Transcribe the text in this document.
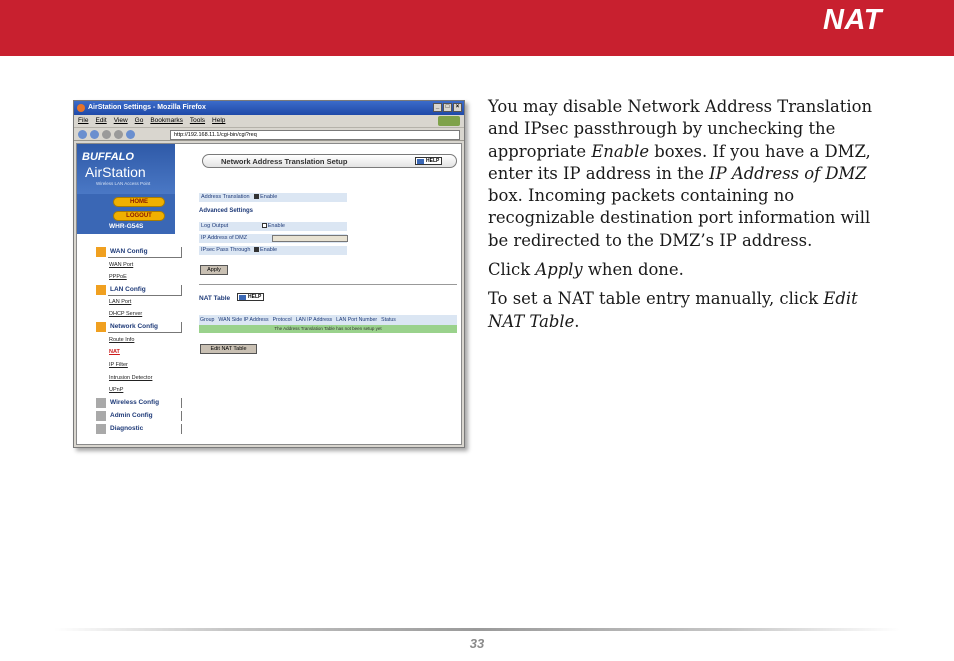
NAT
AirStation Settings - Mozilla Firefox	_	□	×
File Edit View Go Bookmarks Tools Help
http://192.168.11.1/cgi-bin/cgi?req
BUFFALO
AirStation
Wireless LAN Access Point
HOME
LOGOUT
WHR-G54S
WAN Config
WAN Port
PPPoE
LAN Config
LAN Port
DHCP Server
Network Config
Route Info
NAT
IP Filter
Intrusion Detector
UPnP
Wireless Config
Admin Config
Diagnostic
Network Address Translation Setup	HELP
Address Translation Enable
Advanced Settings
Log Output	Enable
IP Address of DMZ
IPsec Pass Through Enable
Apply
NAT Table	HELP
Group WAN Side IP Address Protocol LAN IP Address LAN Port Number Status
The Address Translation Table has not been setup yet
Edit NAT Table

You may disable Network Address Translation and IPsec passthrough by unchecking the appropriate Enable boxes. If you have a DMZ, enter its IP address in the IP Address of DMZ box. Incoming packets containing no recognizable destination port information will be redirected to the DMZ’s IP address.

Click Apply when done.

To set a NAT table entry manually, click Edit NAT Table.

33
